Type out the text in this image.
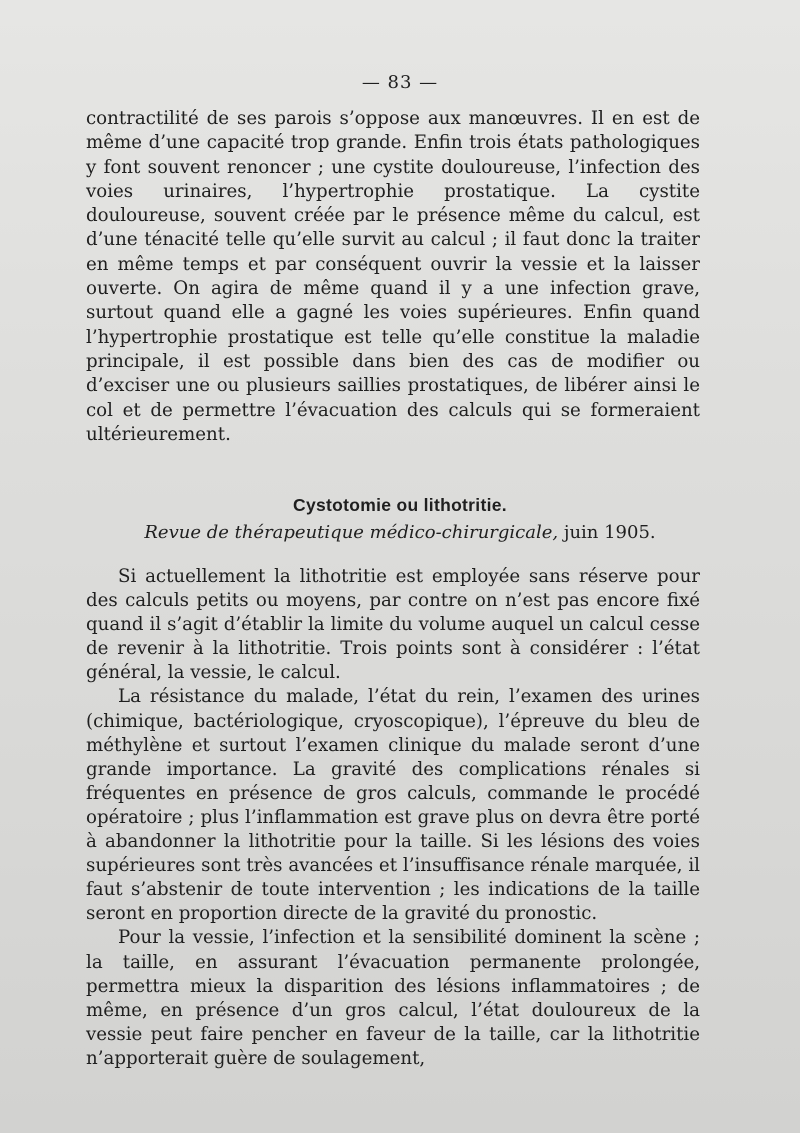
— 83 —

contractilité de ses parois s’oppose aux manœuvres. Il en est de même d’une capacité trop grande. Enfin trois états pathologiques y font souvent renoncer ; une cystite douloureuse, l’infection des voies urinaires, l’hypertrophie prostatique. La cystite douloureuse, souvent créée par le présence même du calcul, est d’une ténacité telle qu’elle survit au calcul ; il faut donc la traiter en même temps et par conséquent ouvrir la vessie et la laisser ouverte. On agira de même quand il y a une infection grave, surtout quand elle a gagné les voies supérieures. Enfin quand l’hypertrophie prostatique est telle qu’elle constitue la maladie principale, il est possible dans bien des cas de modifier ou d’exciser une ou plusieurs saillies prostatiques, de libérer ainsi le col et de permettre l’évacuation des calculs qui se formeraient ultérieurement.

Cystotomie ou lithotritie.
Revue de thérapeutique médico-chirurgicale, juin 1905.

Si actuellement la lithotritie est employée sans réserve pour des calculs petits ou moyens, par contre on n’est pas encore fixé quand il s’agit d’établir la limite du volume auquel un calcul cesse de revenir à la lithotritie. Trois points sont à considérer : l’état général, la vessie, le calcul.

La résistance du malade, l’état du rein, l’examen des urines (chimique, bactériologique, cryoscopique), l’épreuve du bleu de méthylène et surtout l’examen clinique du malade seront d’une grande importance. La gravité des complications rénales si fréquentes en présence de gros calculs, commande le procédé opératoire ; plus l’inflammation est grave plus on devra être porté à abandonner la lithotritie pour la taille. Si les lésions des voies supérieures sont très avancées et l’insuffisance rénale marquée, il faut s’abstenir de toute intervention ; les indications de la taille seront en proportion directe de la gravité du pronostic.

Pour la vessie, l’infection et la sensibilité dominent la scène ; la taille, en assurant l’évacuation permanente prolongée, permettra mieux la disparition des lésions inflammatoires ; de même, en présence d’un gros calcul, l’état douloureux de la vessie peut faire pencher en faveur de la taille, car la lithotritie n’apporterait guère de soulagement,
